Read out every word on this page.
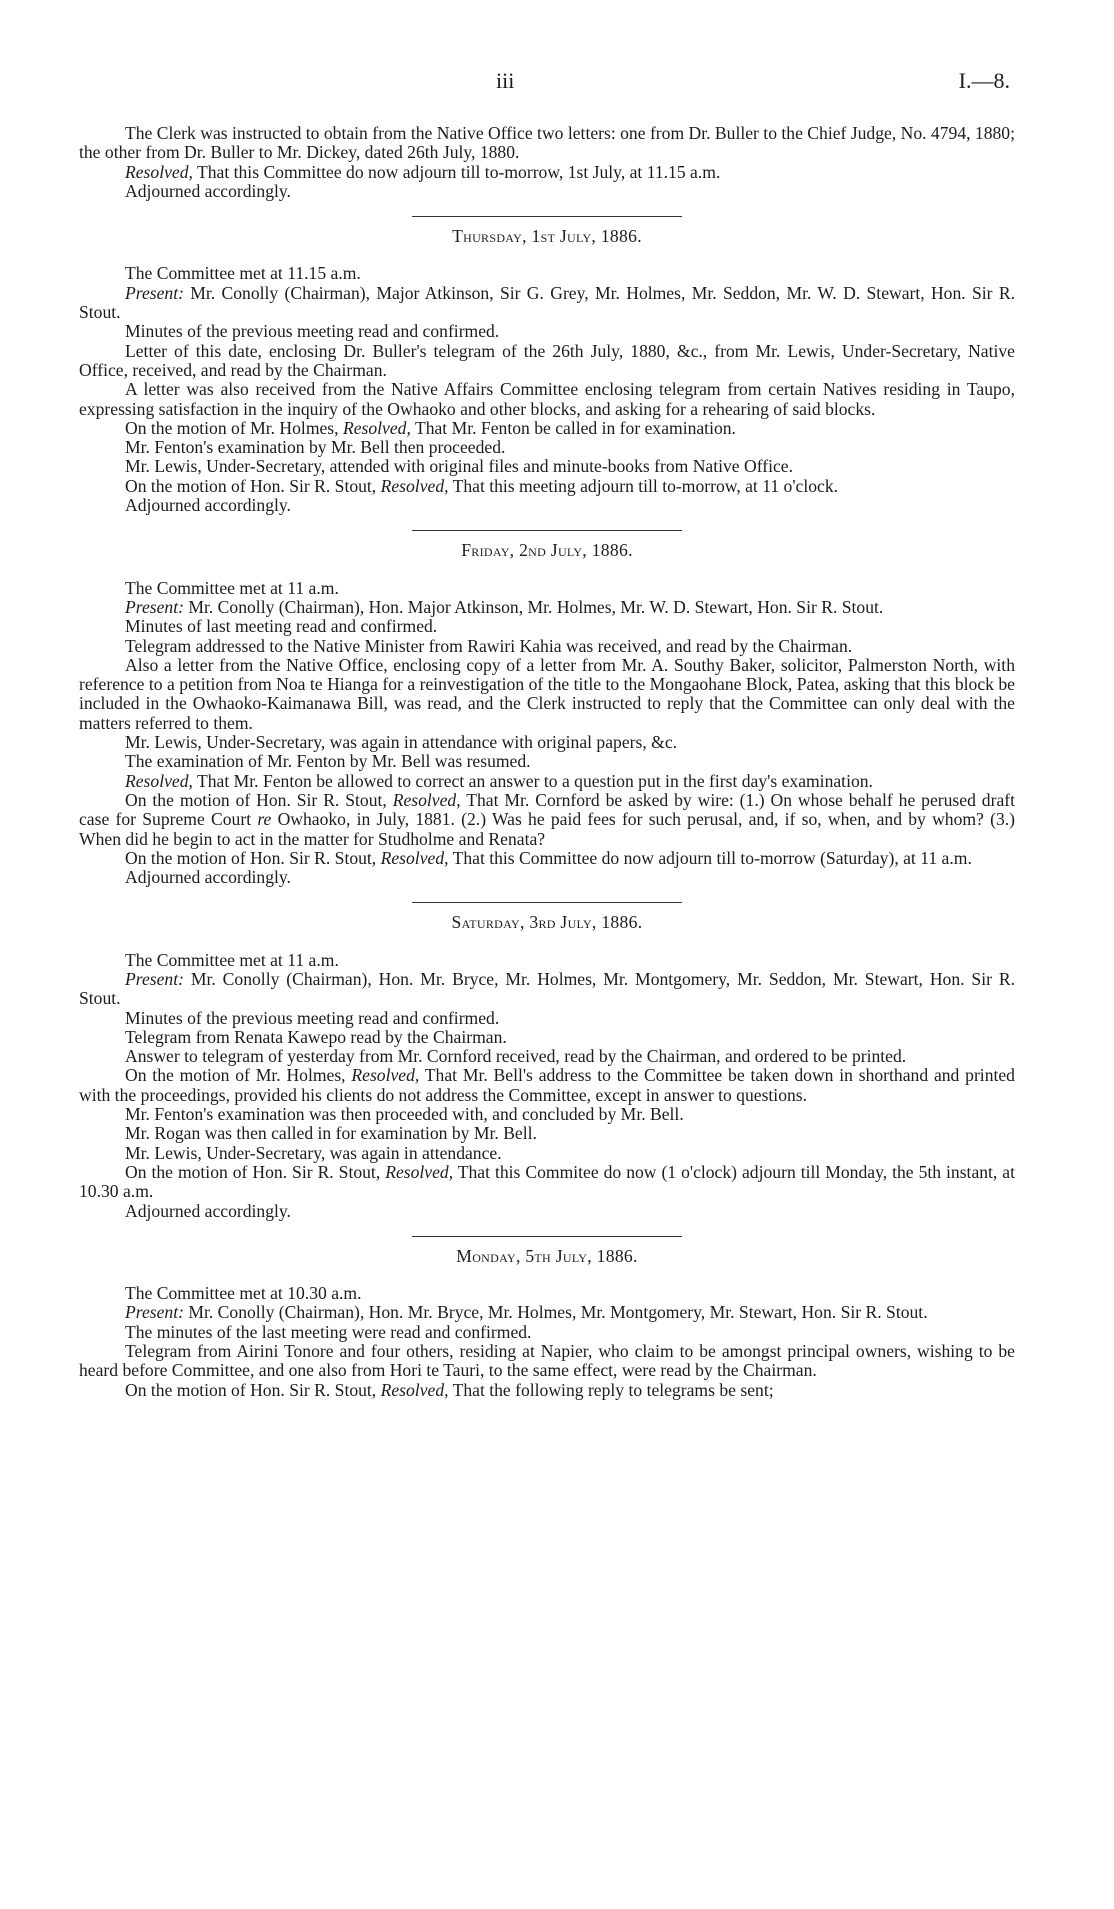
iii	I.—8.

The Clerk was instructed to obtain from the Native Office two letters: one from Dr. Buller to the Chief Judge, No. 4794, 1880; the other from Dr. Buller to Mr. Dickey, dated 26th July, 1880.

Resolved, That this Committee do now adjourn till to-morrow, 1st July, at 11.15 a.m.

Adjourned accordingly.

Thursday, 1st July, 1886.

The Committee met at 11.15 a.m.

Present: Mr. Conolly (Chairman), Major Atkinson, Sir G. Grey, Mr. Holmes, Mr. Seddon, Mr. W. D. Stewart, Hon. Sir R. Stout.

Minutes of the previous meeting read and confirmed.

Letter of this date, enclosing Dr. Buller's telegram of the 26th July, 1880, &c., from Mr. Lewis, Under-Secretary, Native Office, received, and read by the Chairman.

A letter was also received from the Native Affairs Committee enclosing telegram from certain Natives residing in Taupo, expressing satisfaction in the inquiry of the Owhaoko and other blocks, and asking for a rehearing of said blocks.

On the motion of Mr. Holmes, Resolved, That Mr. Fenton be called in for examination.

Mr. Fenton's examination by Mr. Bell then proceeded.

Mr. Lewis, Under-Secretary, attended with original files and minute-books from Native Office.

On the motion of Hon. Sir R. Stout, Resolved, That this meeting adjourn till to-morrow, at 11 o'clock.

Adjourned accordingly.

Friday, 2nd July, 1886.

The Committee met at 11 a.m.

Present: Mr. Conolly (Chairman), Hon. Major Atkinson, Mr. Holmes, Mr. W. D. Stewart, Hon. Sir R. Stout.

Minutes of last meeting read and confirmed.

Telegram addressed to the Native Minister from Rawiri Kahia was received, and read by the Chairman.

Also a letter from the Native Office, enclosing copy of a letter from Mr. A. Southy Baker, solicitor, Palmerston North, with reference to a petition from Noa te Hianga for a reinvestigation of the title to the Mongaohane Block, Patea, asking that this block be included in the Owhaoko-Kaimanawa Bill, was read, and the Clerk instructed to reply that the Committee can only deal with the matters referred to them.

Mr. Lewis, Under-Secretary, was again in attendance with original papers, &c.

The examination of Mr. Fenton by Mr. Bell was resumed.

Resolved, That Mr. Fenton be allowed to correct an answer to a question put in the first day's examination.

On the motion of Hon. Sir R. Stout, Resolved, That Mr. Cornford be asked by wire: (1.) On whose behalf he perused draft case for Supreme Court re Owhaoko, in July, 1881. (2.) Was he paid fees for such perusal, and, if so, when, and by whom? (3.) When did he begin to act in the matter for Studholme and Renata?

On the motion of Hon. Sir R. Stout, Resolved, That this Committee do now adjourn till to-morrow (Saturday), at 11 a.m.

Adjourned accordingly.

Saturday, 3rd July, 1886.

The Committee met at 11 a.m.

Present: Mr. Conolly (Chairman), Hon. Mr. Bryce, Mr. Holmes, Mr. Montgomery, Mr. Seddon, Mr. Stewart, Hon. Sir R. Stout.

Minutes of the previous meeting read and confirmed.

Telegram from Renata Kawepo read by the Chairman.

Answer to telegram of yesterday from Mr. Cornford received, read by the Chairman, and ordered to be printed.

On the motion of Mr. Holmes, Resolved, That Mr. Bell's address to the Committee be taken down in shorthand and printed with the proceedings, provided his clients do not address the Committee, except in answer to questions.

Mr. Fenton's examination was then proceeded with, and concluded by Mr. Bell.

Mr. Rogan was then called in for examination by Mr. Bell.

Mr. Lewis, Under-Secretary, was again in attendance.

On the motion of Hon. Sir R. Stout, Resolved, That this Commitee do now (1 o'clock) adjourn till Monday, the 5th instant, at 10.30 a.m.

Adjourned accordingly.

Monday, 5th July, 1886.

The Committee met at 10.30 a.m.

Present: Mr. Conolly (Chairman), Hon. Mr. Bryce, Mr. Holmes, Mr. Montgomery, Mr. Stewart, Hon. Sir R. Stout.

The minutes of the last meeting were read and confirmed.

Telegram from Airini Tonore and four others, residing at Napier, who claim to be amongst principal owners, wishing to be heard before Committee, and one also from Hori te Tauri, to the same effect, were read by the Chairman.

On the motion of Hon. Sir R. Stout, Resolved, That the following reply to telegrams be sent;
